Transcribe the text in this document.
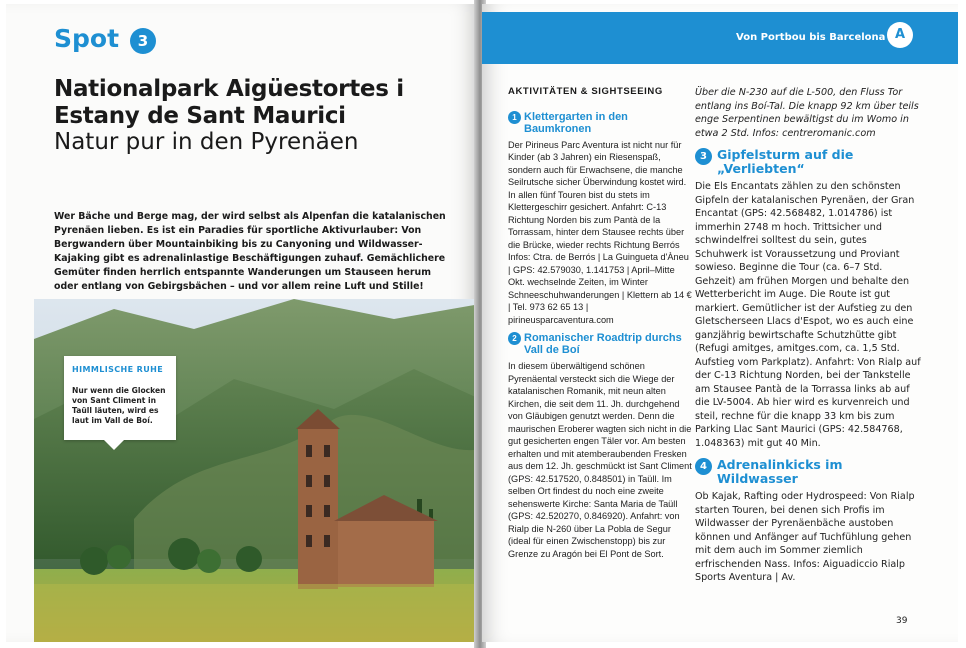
Spot	3
Nationalpark Aigüestortes i Estany de Sant Maurici
Natur pur in den Pyrenäen
Wer Bäche und Berge mag, der wird selbst als Alpenfan die katalanischen Pyrenäen lieben. Es ist ein Paradies für sportliche Aktivurlauber: Von Bergwandern über Mountainbiking bis zu Canyoning und Wildwasser-Kajaking gibt es adrenalinlastige Beschäftigungen zuhauf. Gemächlichere Gemüter finden herrlich entspannte Wanderungen um Stauseen herum oder entlang von Gebirgsbächen – und vor allem reine Luft und Stille!
HIMMLISCHE RUHE
Nur wenn die Glocken von Sant Climent in Taüll läuten, wird es laut im Vall de Boí.
Von Portbou bis Barcelona A
AKTIVITÄTEN & SIGHTSEEING
1 Klettergarten in den Baumkronen

Der Pirineus Parc Aventura ist nicht nur für Kinder (ab 3 Jahren) ein Riesenspaß, sondern auch für Erwachsene, die manche Seilrutsche sicher Überwindung kostet wird. In allen fünf Touren bist du stets im Klettergeschirr gesichert. Anfahrt: C-13 Richtung Norden bis zum Pantà de la Torrassam, hinter dem Stausee rechts über die Brücke, wieder rechts Richtung Berrós Infos: Ctra. de Berrós | La Guingueta d'Àneu | GPS: 42.579030, 1.141753 | April–Mitte Okt. wechselnde Zeiten, im Winter Schneeschuhwanderungen | Klettern ab 14 € | Tel. 973 62 65 13 | pirineusparcaventura.com

2 Romanischer Roadtrip durchs Vall de Boí

In diesem überwältigend schönen Pyrenäental versteckt sich die Wiege der katalanischen Romanik, mit neun alten Kirchen, die seit dem 11. Jh. durchgehend von Gläubigen genutzt werden. Denn die maurischen Eroberer wagten sich nicht in die gut gesicherten engen Täler vor. Am besten erhalten und mit atemberaubenden Fresken aus dem 12. Jh. geschmückt ist Sant Climent (GPS: 42.517520, 0.848501) in Taüll. Im selben Ort findest du noch eine zweite sehenswerte Kirche: Santa Maria de Taüll (GPS: 42.520270, 0.846920). Anfahrt: von Rialp die N-260 über La Pobla de Segur (ideal für einen Zwischenstopp) bis zur Grenze zu Aragón bei El Pont de Sort.

Über die N-230 auf die L-500, den Fluss Tor entlang ins Boí-Tal. Die knapp 92 km über teils enge Serpentinen bewältigst du im Womo in etwa 2 Std. Infos: centreromanic.com

3 Gipfelsturm auf die „Verliebten“

Die Els Encantats zählen zu den schönsten Gipfeln der katalanischen Pyrenäen, der Gran Encantat (GPS: 42.568482, 1.014786) ist immerhin 2748 m hoch. Trittsicher und schwindelfrei solltest du sein, gutes Schuhwerk ist Voraussetzung und Proviant sowieso. Beginne die Tour (ca. 6–7 Std. Gehzeit) am frühen Morgen und behalte den Wetterbericht im Auge. Die Route ist gut markiert. Gemütlicher ist der Aufstieg zu den Gletscherseen Llacs d'Espot, wo es auch eine ganzjährig bewirtschafte Schutzhütte gibt (Refugi amitges, amitges.com, ca. 1,5 Std. Aufstieg vom Parkplatz). Anfahrt: Von Rialp auf der C-13 Richtung Norden, bei der Tankstelle am Stausee Pantà de la Torrassa links ab auf die LV-5004. Ab hier wird es kurvenreich und steil, rechne für die knapp 33 km bis zum Parking Llac Sant Maurici (GPS: 42.584768, 1.048363) mit gut 40 Min.

4 Adrenalinkicks im Wildwasser

Ob Kajak, Rafting oder Hydrospeed: Von Rialp starten Touren, bei denen sich Profis im Wildwasser der Pyrenäenbäche austoben können und Anfänger auf Tuchfühlung gehen mit dem auch im Sommer ziemlich erfrischenden Nass. Infos: Aiguadiccio Rialp Sports Aventura | Av.

39
